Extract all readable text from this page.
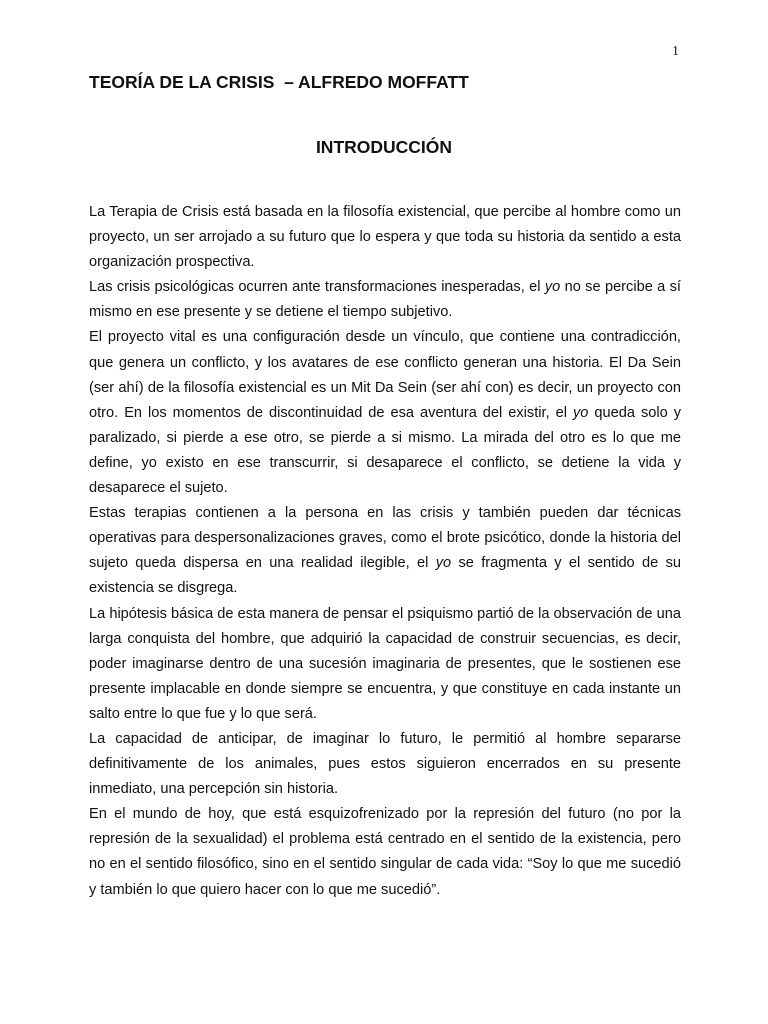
1
TEORÍA DE LA CRISIS  – ALFREDO MOFFATT
INTRODUCCIÓN

La Terapia de Crisis está basada en la filosofía existencial, que percibe al hombre como un proyecto, un ser arrojado a su futuro que lo espera y que toda su historia da sentido a esta organización prospectiva.

Las crisis psicológicas ocurren ante transformaciones inesperadas, el yo no se percibe a sí mismo en ese presente y se detiene el tiempo subjetivo.

El proyecto vital es una configuración desde un vínculo, que contiene una contradicción, que genera un conflicto, y los avatares de ese conflicto generan una historia. El Da Sein (ser ahí) de la filosofía existencial es un Mit Da Sein (ser ahí con) es decir, un proyecto con otro. En los momentos de discontinuidad de esa aventura del existir, el yo queda solo y paralizado, si pierde a ese otro, se pierde a si mismo. La mirada del otro es lo que me define, yo existo en ese transcurrir, si desaparece el conflicto, se detiene la vida y desaparece el sujeto.

Estas terapias contienen a la persona en las crisis y también pueden dar técnicas operativas para despersonalizaciones graves, como el brote psicótico, donde la historia del sujeto queda dispersa en una realidad ilegible, el yo se fragmenta y el sentido de su existencia se disgrega.

La hipótesis básica de esta manera de pensar el psiquismo partió de la observación de una larga conquista del hombre, que adquirió la capacidad de construir secuencias, es decir, poder imaginarse dentro de una sucesión imaginaria de presentes, que le sostienen ese presente implacable en donde siempre se encuentra, y que constituye en cada instante un salto entre lo que fue y lo que será.

La capacidad de anticipar, de imaginar lo futuro, le permitió al hombre separarse definitivamente de los animales, pues estos siguieron encerrados en su presente inmediato, una percepción sin historia.

En el mundo de hoy, que está esquizofrenizado por la represión del futuro (no por la represión de la sexualidad) el problema está centrado en el sentido de la existencia, pero no en el sentido filosófico, sino en el sentido singular de cada vida: “Soy lo que me sucedió y también lo que quiero hacer con lo que me sucedió”.
